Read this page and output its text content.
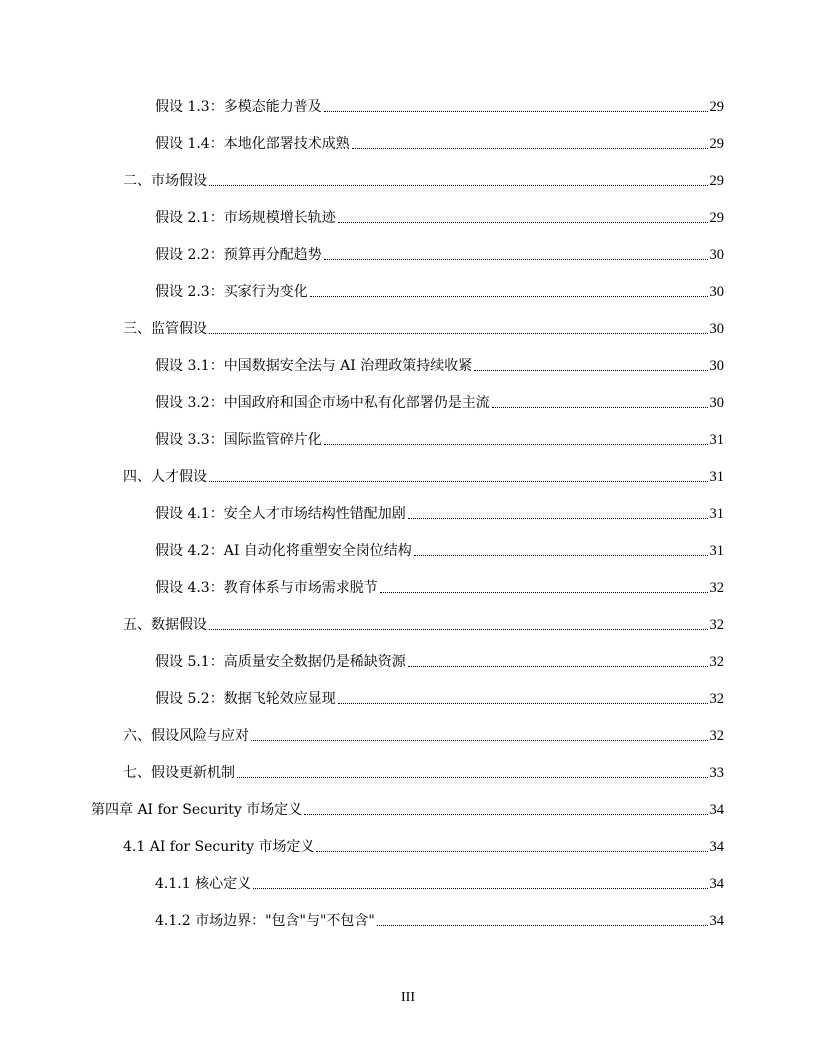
假设 1.3：多模态能力普及	29
假设 1.4：本地化部署技术成熟	29
二、市场假设	29
假设 2.1：市场规模增长轨迹	29
假设 2.2：预算再分配趋势	30
假设 2.3：买家行为变化	30
三、监管假设	30
假设 3.1：中国数据安全法与 AI 治理政策持续收紧	30
假设 3.2：中国政府和国企市场中私有化部署仍是主流	30
假设 3.3：国际监管碎片化	31
四、人才假设	31
假设 4.1：安全人才市场结构性错配加剧	31
假设 4.2：AI 自动化将重塑安全岗位结构	31
假设 4.3：教育体系与市场需求脱节	32
五、数据假设	32
假设 5.1：高质量安全数据仍是稀缺资源	32
假设 5.2：数据飞轮效应显现	32
六、假设风险与应对	32
七、假设更新机制	33
第四章 AI for Security 市场定义	34
4.1 AI for Security 市场定义	34
4.1.1 核心定义	34
4.1.2 市场边界："包含"与"不包含"	34
III
